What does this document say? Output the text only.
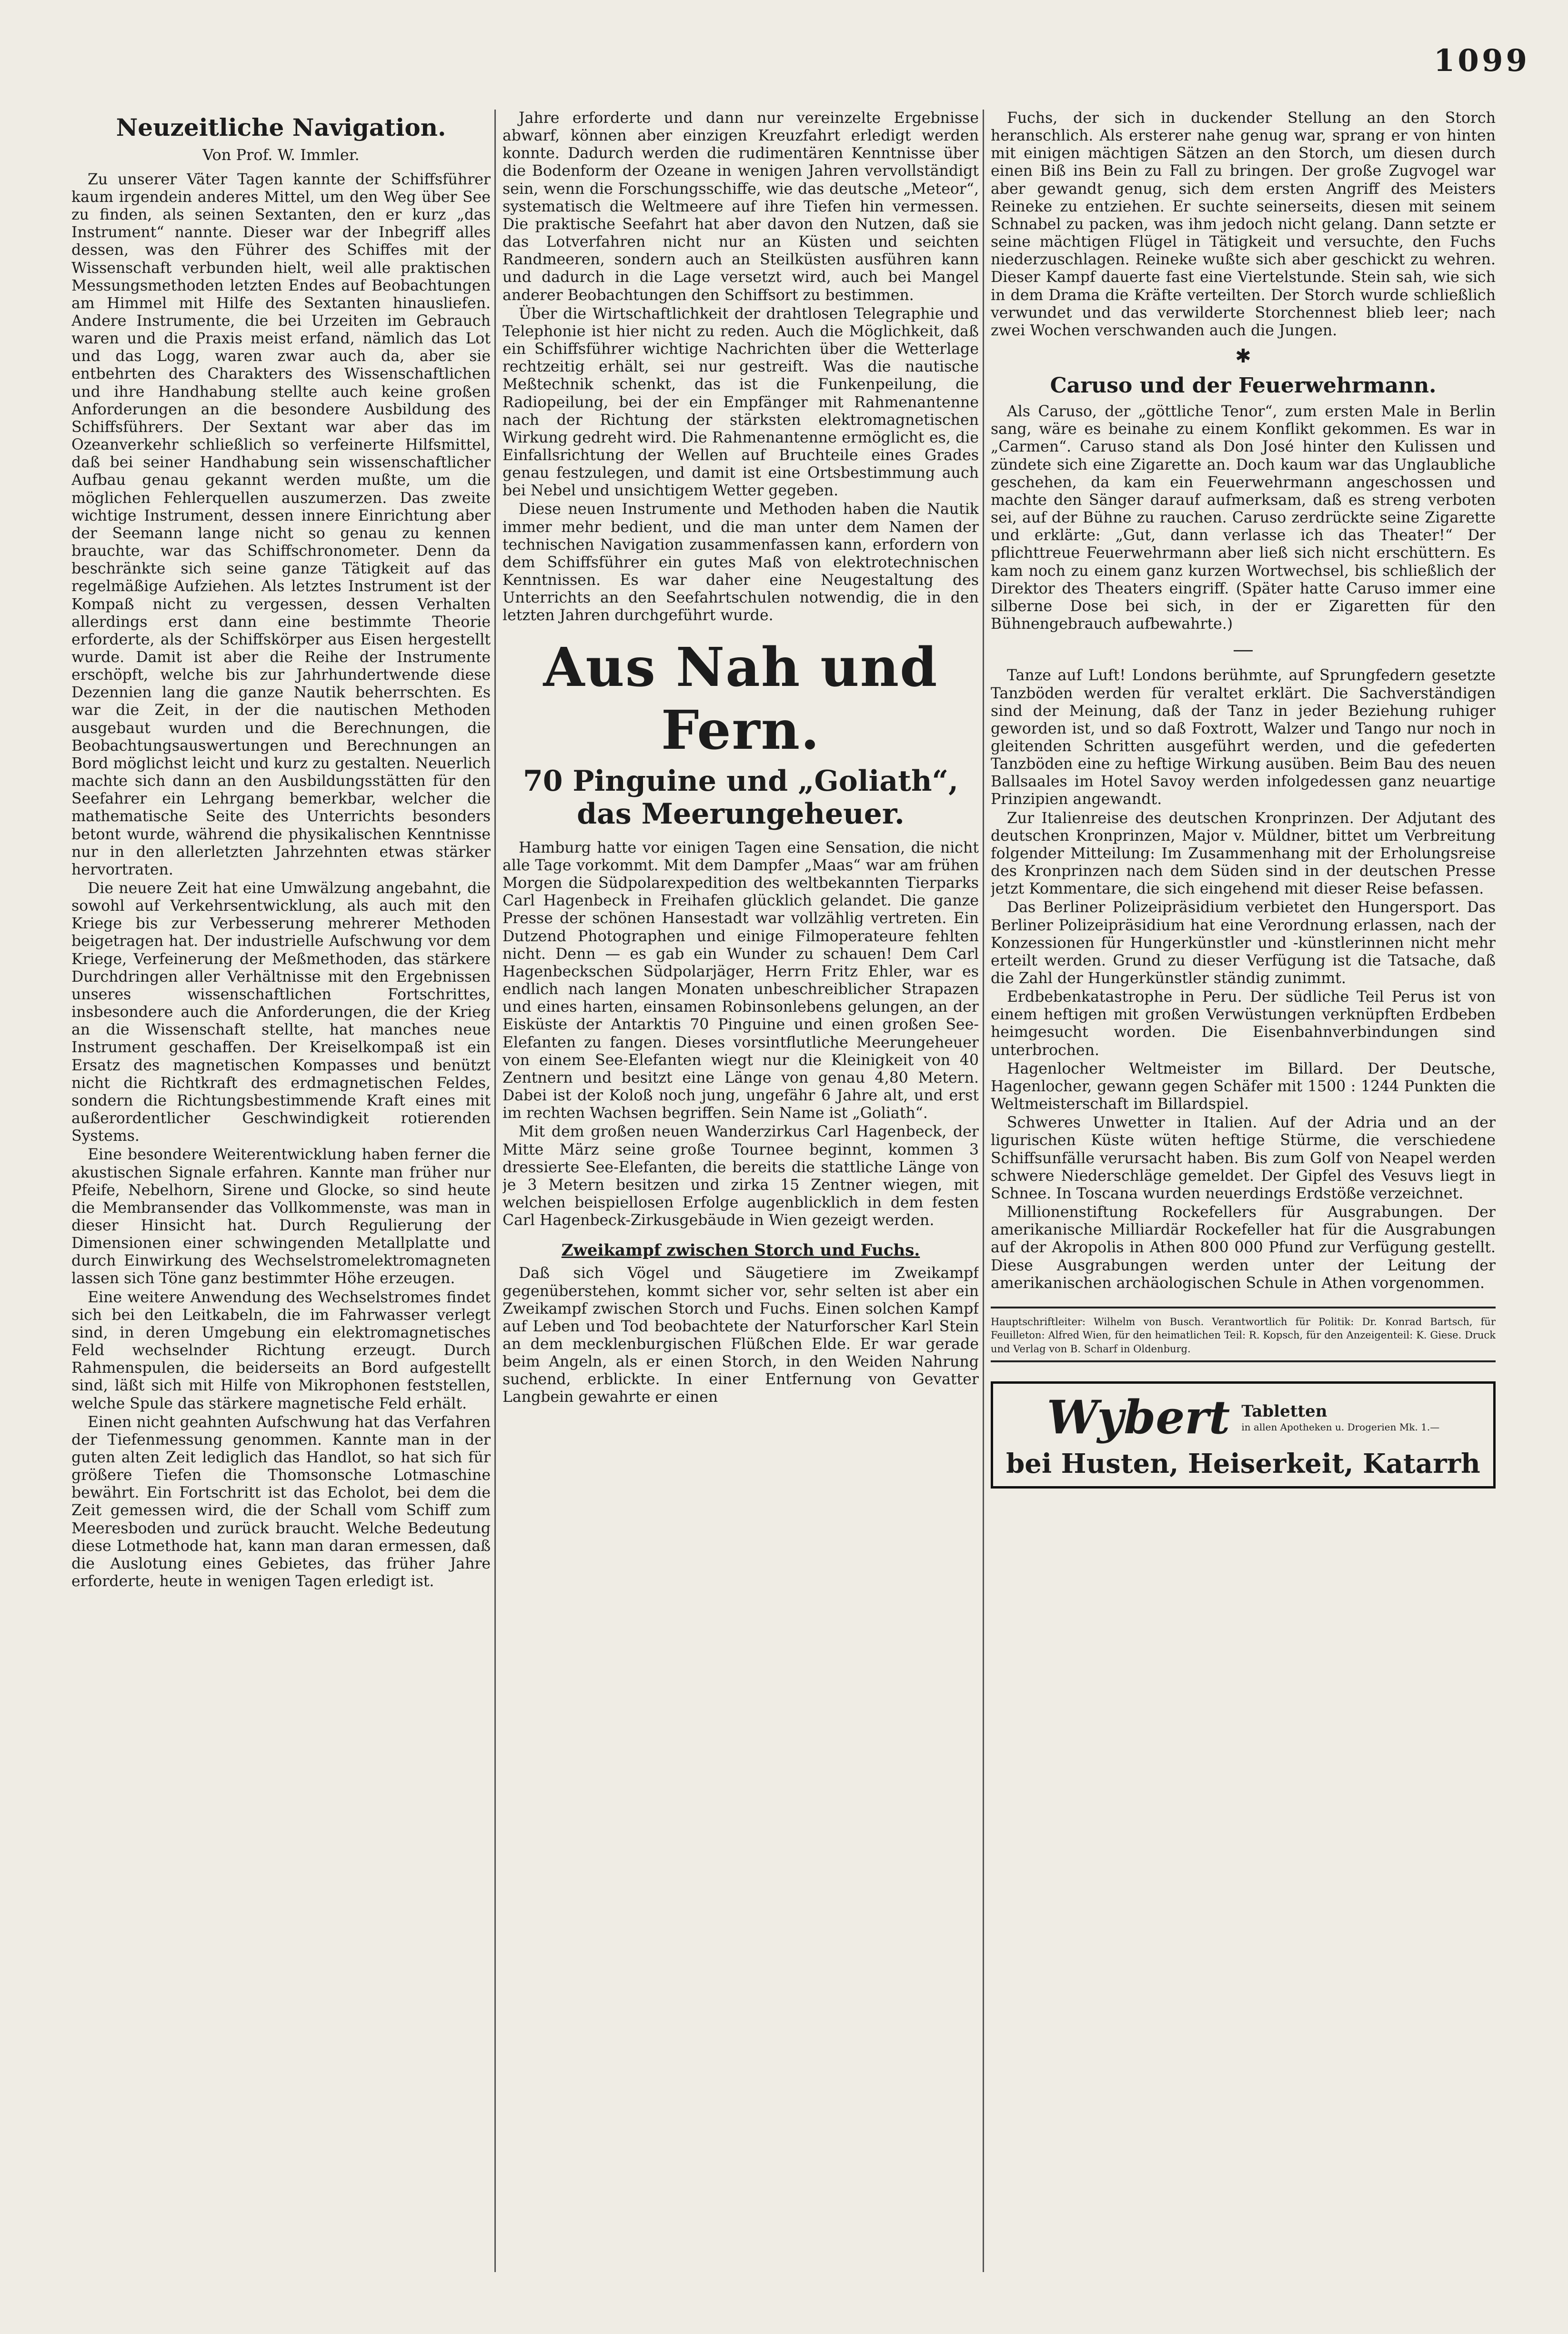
1099
Neuzeitliche Navigation.
Von Prof. W. Immler.

Zu unserer Väter Tagen kannte der Schiffsführer kaum irgendein anderes Mittel, um den Weg über See zu finden, als seinen Sextanten, den er kurz „das Instrument“ nannte. Dieser war der Inbegriff alles dessen, was den Führer des Schiffes mit der Wissenschaft verbunden hielt, weil alle praktischen Messungsmethoden letzten Endes auf Beobachtungen am Himmel mit Hilfe des Sextanten hinausliefen. Andere Instrumente, die bei Urzeiten im Gebrauch waren und die Praxis meist erfand, nämlich das Lot und das Logg, waren zwar auch da, aber sie entbehrten des Charakters des Wissenschaftlichen und ihre Handhabung stellte auch keine großen Anforderungen an die besondere Ausbildung des Schiffsführers. Der Sextant war aber das im Ozeanverkehr schließlich so verfeinerte Hilfsmittel, daß bei seiner Handhabung sein wissenschaftlicher Aufbau genau gekannt werden mußte, um die möglichen Fehlerquellen auszumerzen. Das zweite wichtige Instrument, dessen innere Einrichtung aber der Seemann lange nicht so genau zu kennen brauchte, war das Schiffschronometer. Denn da beschränkte sich seine ganze Tätigkeit auf das regelmäßige Aufziehen. Als letztes Instrument ist der Kompaß nicht zu vergessen, dessen Verhalten allerdings erst dann eine bestimmte Theorie erforderte, als der Schiffskörper aus Eisen hergestellt wurde. Damit ist aber die Reihe der Instrumente erschöpft, welche bis zur Jahrhundertwende diese Dezennien lang die ganze Nautik beherrschten. Es war die Zeit, in der die nautischen Methoden ausgebaut wurden und die Berechnungen, die Beobachtungsauswertungen und Berechnungen an Bord möglichst leicht und kurz zu gestalten. Neuerlich machte sich dann an den Ausbildungsstätten für den Seefahrer ein Lehrgang bemerkbar, welcher die mathematische Seite des Unterrichts besonders betont wurde, während die physikalischen Kenntnisse nur in den allerletzten Jahrzehnten etwas stärker hervortraten.

Die neuere Zeit hat eine Umwälzung angebahnt, die sowohl auf Verkehrsentwicklung, als auch mit den Kriege bis zur Verbesserung mehrerer Methoden beigetragen hat. Der industrielle Aufschwung vor dem Kriege, Verfeinerung der Meßmethoden, das stärkere Durchdringen aller Verhältnisse mit den Ergebnissen unseres wissenschaftlichen Fortschrittes, insbesondere auch die Anforderungen, die der Krieg an die Wissenschaft stellte, hat manches neue Instrument geschaffen. Der Kreiselkompaß ist ein Ersatz des magnetischen Kompasses und benützt nicht die Richtkraft des erdmagnetischen Feldes, sondern die Richtungsbestimmende Kraft eines mit außerordentlicher Geschwindigkeit rotierenden Systems.

Eine besondere Weiterentwicklung haben ferner die akustischen Signale erfahren. Kannte man früher nur Pfeife, Nebelhorn, Sirene und Glocke, so sind heute die Membransender das Vollkommenste, was man in dieser Hinsicht hat. Durch Regulierung der Dimensionen einer schwingenden Metallplatte und durch Einwirkung des Wechselstromelektromagneten lassen sich Töne ganz bestimmter Höhe erzeugen.

Eine weitere Anwendung des Wechselstromes findet sich bei den Leitkabeln, die im Fahrwasser verlegt sind, in deren Umgebung ein elektromagnetisches Feld wechselnder Richtung erzeugt. Durch Rahmenspulen, die beiderseits an Bord aufgestellt sind, läßt sich mit Hilfe von Mikrophonen feststellen, welche Spule das stärkere magnetische Feld erhält.

Einen nicht geahnten Aufschwung hat das Verfahren der Tiefenmessung genommen. Kannte man in der guten alten Zeit lediglich das Handlot, so hat sich für größere Tiefen die Thomsonsche Lotmaschine bewährt. Ein Fortschritt ist das Echolot, bei dem die Zeit gemessen wird, die der Schall vom Schiff zum Meeresboden und zurück braucht. Welche Bedeutung diese Lotmethode hat, kann man daran ermessen, daß die Auslotung eines Gebietes, das früher Jahre erforderte, heute in wenigen Tagen erledigt ist.

Jahre erforderte und dann nur vereinzelte Ergebnisse abwarf, können aber einzigen Kreuzfahrt erledigt werden konnte. Dadurch werden die rudimentären Kenntnisse über die Bodenform der Ozeane in wenigen Jahren vervollständigt sein, wenn die Forschungsschiffe, wie das deutsche „Meteor“, systematisch die Weltmeere auf ihre Tiefen hin vermessen. Die praktische Seefahrt hat aber davon den Nutzen, daß sie das Lotverfahren nicht nur an Küsten und seichten Randmeeren, sondern auch an Steilküsten ausführen kann und dadurch in die Lage versetzt wird, auch bei Mangel anderer Beobachtungen den Schiffsort zu bestimmen.

Über die Wirtschaftlichkeit der drahtlosen Telegraphie und Telephonie ist hier nicht zu reden. Auch die Möglichkeit, daß ein Schiffsführer wichtige Nachrichten über die Wetterlage rechtzeitig erhält, sei nur gestreift. Was die nautische Meßtechnik schenkt, das ist die Funkenpeilung, die Radiopeilung, bei der ein Empfänger mit Rahmenantenne nach der Richtung der stärksten elektromagnetischen Wirkung gedreht wird. Die Rahmenantenne ermöglicht es, die Einfallsrichtung der Wellen auf Bruchteile eines Grades genau festzulegen, und damit ist eine Ortsbestimmung auch bei Nebel und unsichtigem Wetter gegeben.

Diese neuen Instrumente und Methoden haben die Nautik immer mehr bedient, und die man unter dem Namen der technischen Navigation zusammenfassen kann, erfordern von dem Schiffsführer ein gutes Maß von elektrotechnischen Kenntnissen. Es war daher eine Neugestaltung des Unterrichts an den Seefahrtschulen notwendig, die in den letzten Jahren durchgeführt wurde.

Aus Nah und Fern.
70 Pinguine und „Goliath“, das Meerungeheuer.

Hamburg hatte vor einigen Tagen eine Sensation, die nicht alle Tage vorkommt. Mit dem Dampfer „Maas“ war am frühen Morgen die Südpolarexpedition des weltbekannten Tierparks Carl Hagenbeck in Freihafen glücklich gelandet. Die ganze Presse der schönen Hansestadt war vollzählig vertreten. Ein Dutzend Photographen und einige Filmoperateure fehlten nicht. Denn — es gab ein Wunder zu schauen! Dem Carl Hagenbeckschen Südpolarjäger, Herrn Fritz Ehler, war es endlich nach langen Monaten unbeschreiblicher Strapazen und eines harten, einsamen Robinsonlebens gelungen, an der Eisküste der Antarktis 70 Pinguine und einen großen See-Elefanten zu fangen. Dieses vorsintflutliche Meerungeheuer von einem See-Elefanten wiegt nur die Kleinigkeit von 40 Zentnern und besitzt eine Länge von genau 4,80 Metern. Dabei ist der Koloß noch jung, ungefähr 6 Jahre alt, und erst im rechten Wachsen begriffen. Sein Name ist „Goliath“.

Mit dem großen neuen Wanderzirkus Carl Hagenbeck, der Mitte März seine große Tournee beginnt, kommen 3 dressierte See-Elefanten, die bereits die stattliche Länge von je 3 Metern besitzen und zirka 15 Zentner wiegen, mit welchen beispiellosen Erfolge augenblicklich in dem festen Carl Hagenbeck-Zirkusgebäude in Wien gezeigt werden.

Zweikampf zwischen Storch und Fuchs.

Daß sich Vögel und Säugetiere im Zweikampf gegenüberstehen, kommt sicher vor, sehr selten ist aber ein Zweikampf zwischen Storch und Fuchs. Einen solchen Kampf auf Leben und Tod beobachtete der Naturforscher Karl Stein an dem mecklenburgischen Flüßchen Elde. Er war gerade beim Angeln, als er einen Storch, in den Weiden Nahrung suchend, erblickte. In einer Entfernung von Gevatter Langbein gewahrte er einen

Fuchs, der sich in duckender Stellung an den Storch heranschlich. Als ersterer nahe genug war, sprang er von hinten mit einigen mächtigen Sätzen an den Storch, um diesen durch einen Biß ins Bein zu Fall zu bringen. Der große Zugvogel war aber gewandt genug, sich dem ersten Angriff des Meisters Reineke zu entziehen. Er suchte seinerseits, diesen mit seinem Schnabel zu packen, was ihm jedoch nicht gelang. Dann setzte er seine mächtigen Flügel in Tätigkeit und versuchte, den Fuchs niederzuschlagen. Reineke wußte sich aber geschickt zu wehren. Dieser Kampf dauerte fast eine Viertelstunde. Stein sah, wie sich in dem Drama die Kräfte verteilten. Der Storch wurde schließlich verwundet und das verwilderte Storchennest blieb leer; nach zwei Wochen verschwanden auch die Jungen.

✱
Caruso und der Feuerwehrmann.

Als Caruso, der „göttliche Tenor“, zum ersten Male in Berlin sang, wäre es beinahe zu einem Konflikt gekommen. Es war in „Carmen“. Caruso stand als Don José hinter den Kulissen und zündete sich eine Zigarette an. Doch kaum war das Unglaubliche geschehen, da kam ein Feuerwehrmann angeschossen und machte den Sänger darauf aufmerksam, daß es streng verboten sei, auf der Bühne zu rauchen. Caruso zerdrückte seine Zigarette und erklärte: „Gut, dann verlasse ich das Theater!“ Der pflichttreue Feuerwehrmann aber ließ sich nicht erschüttern. Es kam noch zu einem ganz kurzen Wortwechsel, bis schließlich der Direktor des Theaters eingriff. (Später hatte Caruso immer eine silberne Dose bei sich, in der er Zigaretten für den Bühnengebrauch aufbewahrte.)

―

Tanze auf Luft! Londons berühmte, auf Sprungfedern gesetzte Tanzböden werden für veraltet erklärt. Die Sachverständigen sind der Meinung, daß der Tanz in jeder Beziehung ruhiger geworden ist, und so daß Foxtrott, Walzer und Tango nur noch in gleitenden Schritten ausgeführt werden, und die gefederten Tanzböden eine zu heftige Wirkung ausüben. Beim Bau des neuen Ballsaales im Hotel Savoy werden infolgedessen ganz neuartige Prinzipien angewandt.

Zur Italienreise des deutschen Kronprinzen. Der Adjutant des deutschen Kronprinzen, Major v. Müldner, bittet um Verbreitung folgender Mitteilung: Im Zusammenhang mit der Erholungsreise des Kronprinzen nach dem Süden sind in der deutschen Presse jetzt Kommentare, die sich eingehend mit dieser Reise befassen.

Das Berliner Polizeipräsidium verbietet den Hungersport. Das Berliner Polizeipräsidium hat eine Verordnung erlassen, nach der Konzessionen für Hungerkünstler und -künstlerinnen nicht mehr erteilt werden. Grund zu dieser Verfügung ist die Tatsache, daß die Zahl der Hungerkünstler ständig zunimmt.

Erdbebenkatastrophe in Peru. Der südliche Teil Perus ist von einem heftigen mit großen Verwüstungen verknüpften Erdbeben heimgesucht worden. Die Eisenbahnverbindungen sind unterbrochen.

Hagenlocher Weltmeister im Billard. Der Deutsche, Hagenlocher, gewann gegen Schäfer mit 1500 : 1244 Punkten die Weltmeisterschaft im Billardspiel.

Schweres Unwetter in Italien. Auf der Adria und an der ligurischen Küste wüten heftige Stürme, die verschiedene Schiffsunfälle verursacht haben. Bis zum Golf von Neapel werden schwere Niederschläge gemeldet. Der Gipfel des Vesuvs liegt in Schnee. In Toscana wurden neuerdings Erdstöße verzeichnet.

Millionenstiftung Rockefellers für Ausgrabungen. Der amerikanische Milliardär Rockefeller hat für die Ausgrabungen auf der Akropolis in Athen 800 000 Pfund zur Verfügung gestellt. Diese Ausgrabungen werden unter der Leitung der amerikanischen archäologischen Schule in Athen vorgenommen.

Hauptschriftleiter: Wilhelm von Busch. Verantwortlich für Politik: Dr. Konrad Bartsch, für Feuilleton: Alfred Wien, für den heimatlichen Teil: R. Kopsch, für den Anzeigenteil: K. Giese. Druck und Verlag von B. Scharf in Oldenburg.
Wybert Tabletten
in allen Apotheken u. Drogerien Mk. 1.—
bei Husten, Heiserkeit, Katarrh
